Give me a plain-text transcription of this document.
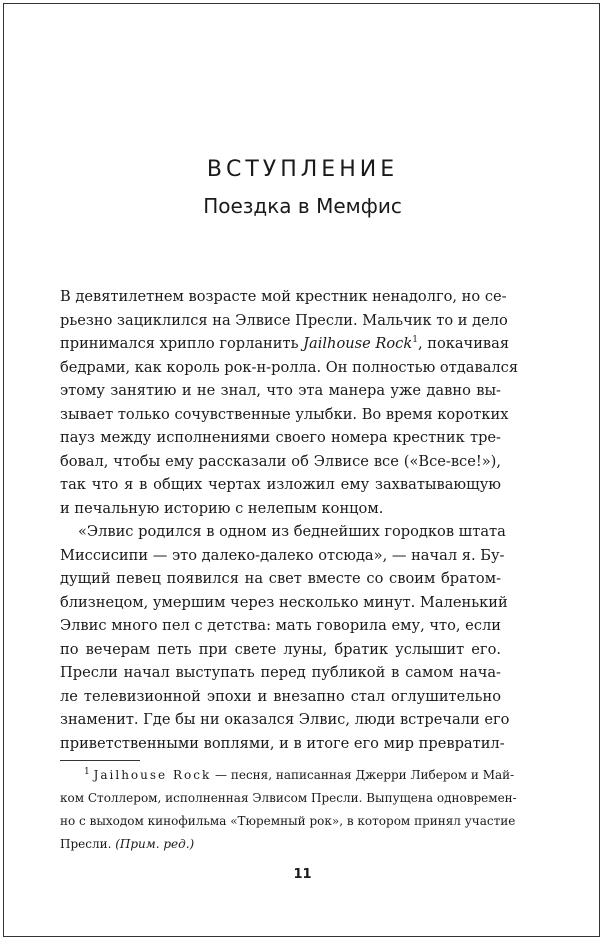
ВСТУПЛЕНИЕ
Поездка в Мемфис
В девятилетнем возрасте мой крестник ненадолго, но се-
рьезно зациклился на Элвисе Пресли. Мальчик то и дело
принимался хрипло горланить Jailhouse Rock$^1$, покачивая
бедрами, как король рок-н-ролла. Он полностью отдавался
этому занятию и не знал, что эта манера уже давно вы-
зывает только сочувственные улыбки. Во время коротких
пауз между исполнениями своего номера крестник тре-
бовал, чтобы ему рассказали об Элвисе все («Все-все!»),
так что я в общих чертах изложил ему захватывающую
и печальную историю с нелепым концом.
«Элвис родился в одном из беднейших городков штата
Миссисипи — это далеко-далеко отсюда», — начал я. Бу-
дущий певец появился на свет вместе со своим братом-
близнецом, умершим через несколько минут. Маленький
Элвис много пел с детства: мать говорила ему, что, если
по вечерам петь при свете луны, братик услышит его.
Пресли начал выступать перед публикой в самом нача-
ле телевизионной эпохи и внезапно стал оглушительно
знаменит. Где бы ни оказался Элвис, люди встречали его
приветственными воплями, и в итоге его мир превратил-
$^1$ Jailhouse Rock — песня, написанная Джерри Либером и Май-
ком Столлером, исполненная Элвисом Пресли. Выпущена одновремен-
но с выходом кинофильма «Тюремный рок», в котором принял участие
Пресли. (Прим. ред.)
11
